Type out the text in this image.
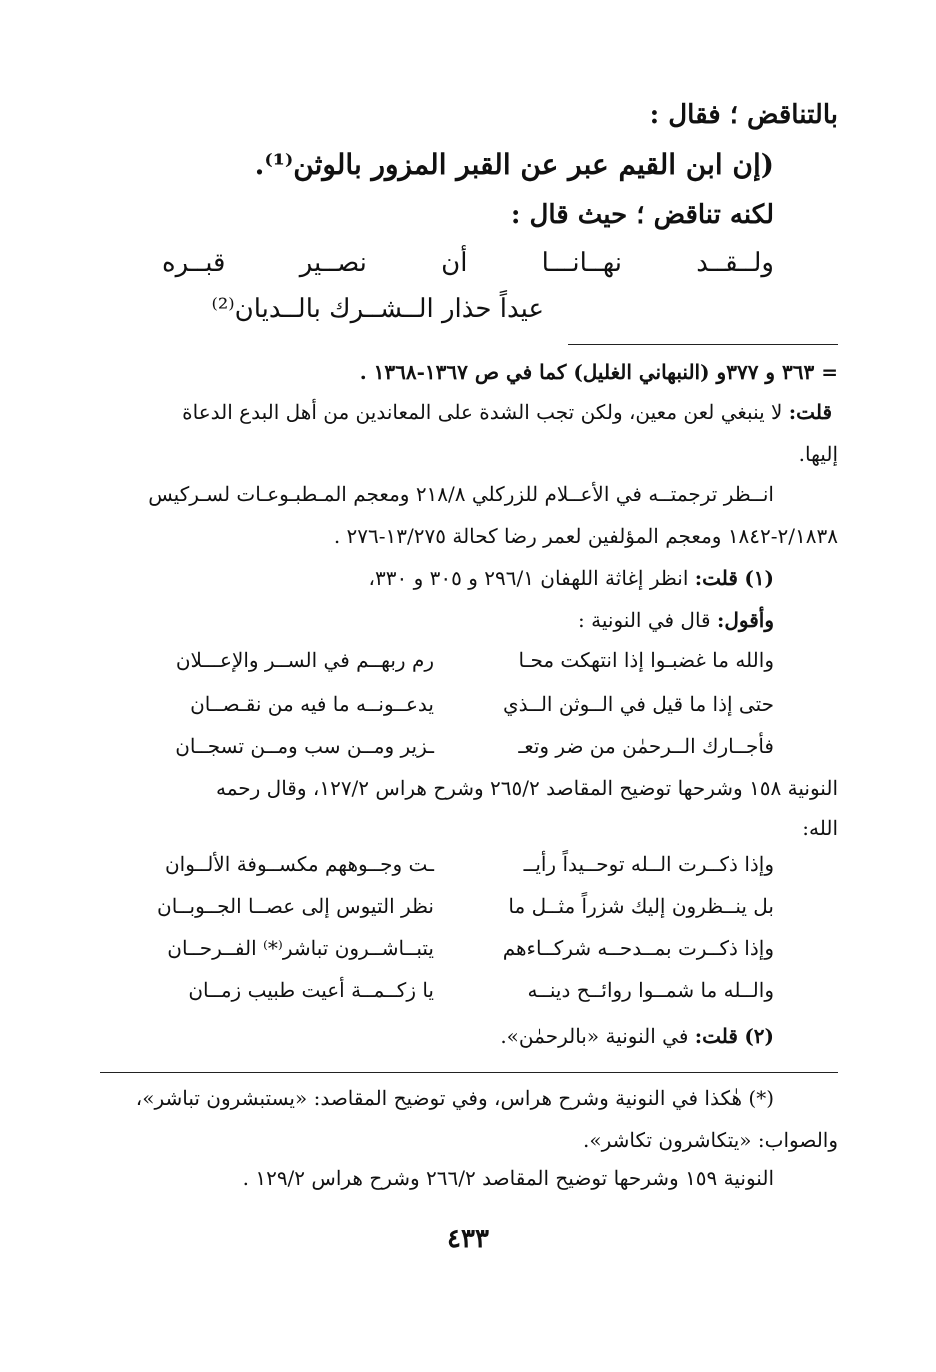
بالتناقض ؛ فقال :
(إن ابن القيم عبر عن القبر المزور بالوثن⁽¹⁾.
لكنه تناقض ؛ حيث قال :
ولــقــد نهــانـــا أن نصــير قبــره
عيداً حذار الــشــرك بالــديان⁽²⁾
= ٣٦٣ و ٣٧٧و (النبهاني الغليل) كما في ص ١٣٦٧-١٣٦٨ .
قلت: لا ينبغي لعن معين، ولكن تجب الشدة على المعاندين من أهل البدع الدعاة
إليها.
انــظر ترجمتــه في الأعــلام للزركلي ٢١٨/٨ ومعجم المـطبـوعـات لسـركيس
٢/١٨٣٨-١٨٤٢ ومعجم المؤلفين لعمر رضا كحالة ١٣/٢٧٥-٢٧٦ .
(١) قلت: انظر إغاثة اللهفان ٢٩٦/١ و ٣٠٥ و ٣٣٠،
وأقول: قال في النونية :
والله ما غضبـوا إذا انتهكت محـا
رم ربهــم في الســر والإعـــلان
حتى إذا ما قيل في الــوثن الــذي
يدعــونــه ما فيه من نقـصــان
فأجــارك الــرحمٰن من ضر وتعـ
ـزير ومــن سب ومــن تسجــان
النونية ١٥٨ وشرحها توضيح المقاصد ٢٦٥/٢ وشرح هراس ١٢٧/٢، وقال رحمه
الله:
وإذا ذكــرت الــله توحــيداً رأيــ
ـت وجــوههم مكســوفة الألــوان
بل ينــظرون إليك شزراً مثــل ما
نظر التيوس إلى عصــا الجــوبــان
وإذا ذكــرت بمــدحــه شركــاءهم
يتبــاشــرون تباشر⁽*⁾ الفــرحــان
والــله ما شمــوا روائــح دينــه
يا زكــمــة أعيت طبيب زمــان
(٢) قلت: في النونية «بالرحمٰن».
(*) هٰكذا في النونية وشرح هراس، وفي توضيح المقاصد: «يستبشرون تباشر»،
والصواب: «يتكاشرون تكاشر».
النونية ١٥٩ وشرحها توضيح المقاصد ٢٦٦/٢ وشرح هراس ١٢٩/٢ .
٤٣٣
